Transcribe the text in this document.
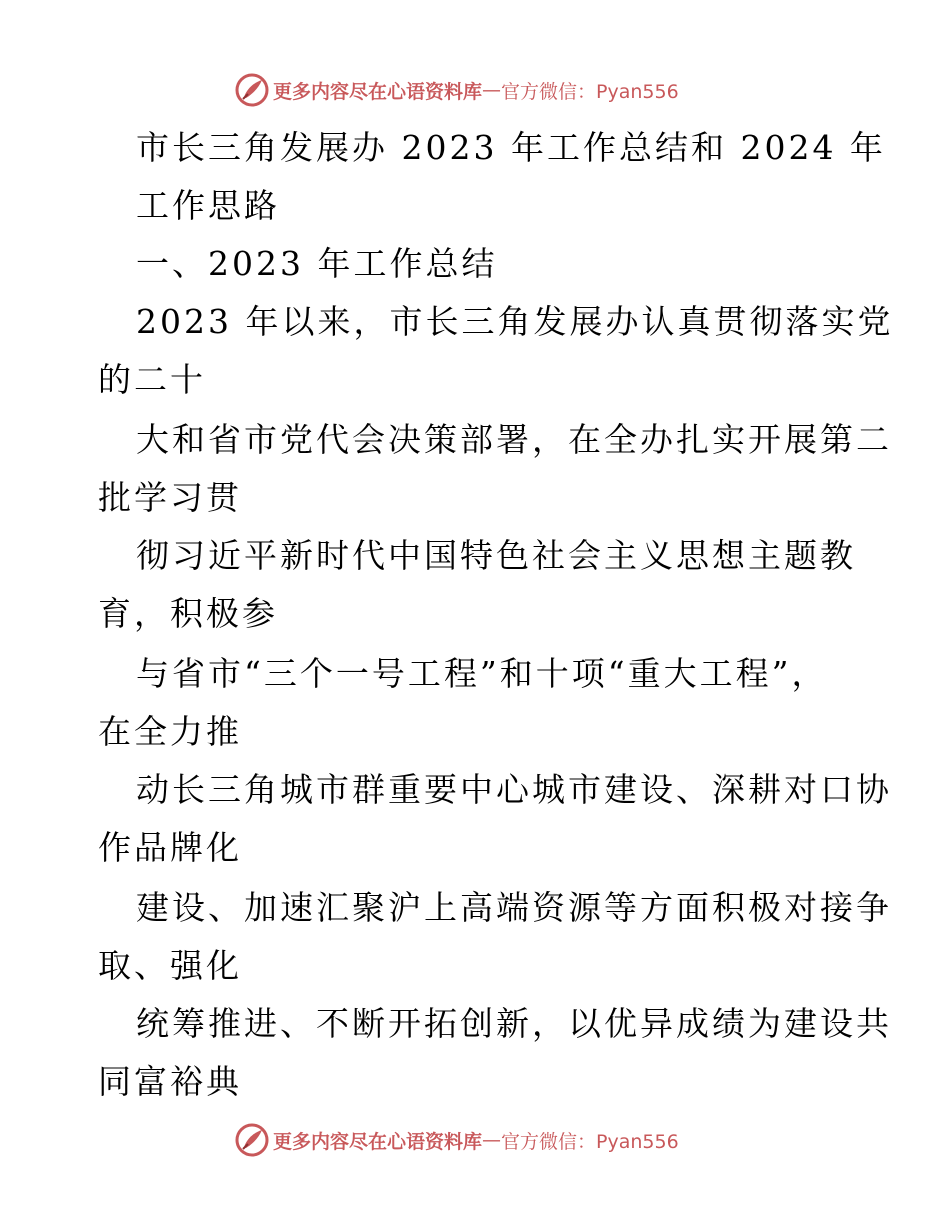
更多内容尽在心语资料库 — 官方微信：Pyan556
市长三角发展办 2023 年工作总结和 2024 年
工作思路
一、2023 年工作总结
2023 年以来，市长三角发展办认真贯彻落实党
的二十
大和省市党代会决策部署，在全办扎实开展第二
批学习贯
彻习近平新时代中国特色社会主义思想主题教
育，积极参
与省市“三个一号工程”和十项“重大工程”，
在全力推
动长三角城市群重要中心城市建设、深耕对口协
作品牌化
建设、加速汇聚沪上高端资源等方面积极对接争
取、强化
统筹推进、不断开拓创新，以优异成绩为建设共
同富裕典
更多内容尽在心语资料库 — 官方微信：Pyan556
